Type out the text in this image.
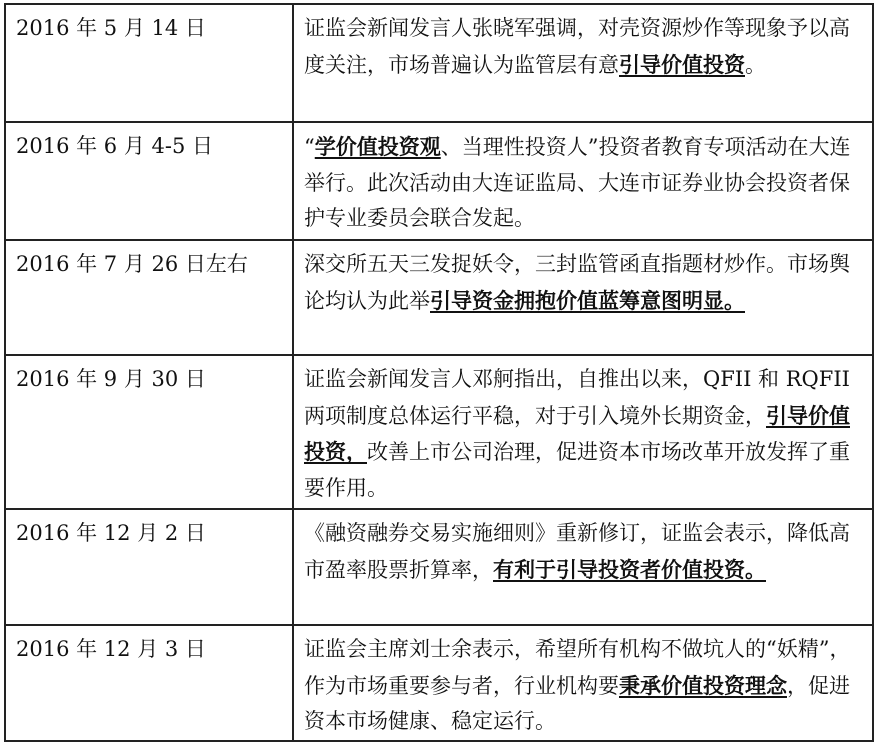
2016 年 5 月 14 日	证监会新闻发言人张晓军强调，对壳资源炒作等现象予以高度关注，市场普遍认为监管层有意引导价值投资。
2016 年 6 月 4-5 日	“学价值投资观、当理性投资人”投资者教育专项活动在大连举行。此次活动由大连证监局、大连市证券业协会投资者保护专业委员会联合发起。
2016 年 7 月 26 日左右	深交所五天三发捉妖令，三封监管函直指题材炒作。市场舆论均认为此举引导资金拥抱价值蓝筹意图明显。
2016 年 9 月 30 日	证监会新闻发言人邓舸指出，自推出以来，QFII 和 RQFII 两项制度总体运行平稳，对于引入境外长期资金，引导价值投资，改善上市公司治理，促进资本市场改革开放发挥了重要作用。
2016 年 12 月 2 日	《融资融券交易实施细则》重新修订，证监会表示，降低高市盈率股票折算率，有利于引导投资者价值投资。
2016 年 12 月 3 日	证监会主席刘士余表示，希望所有机构不做坑人的“妖精”，作为市场重要参与者，行业机构要秉承价值投资理念，促进资本市场健康、稳定运行。
